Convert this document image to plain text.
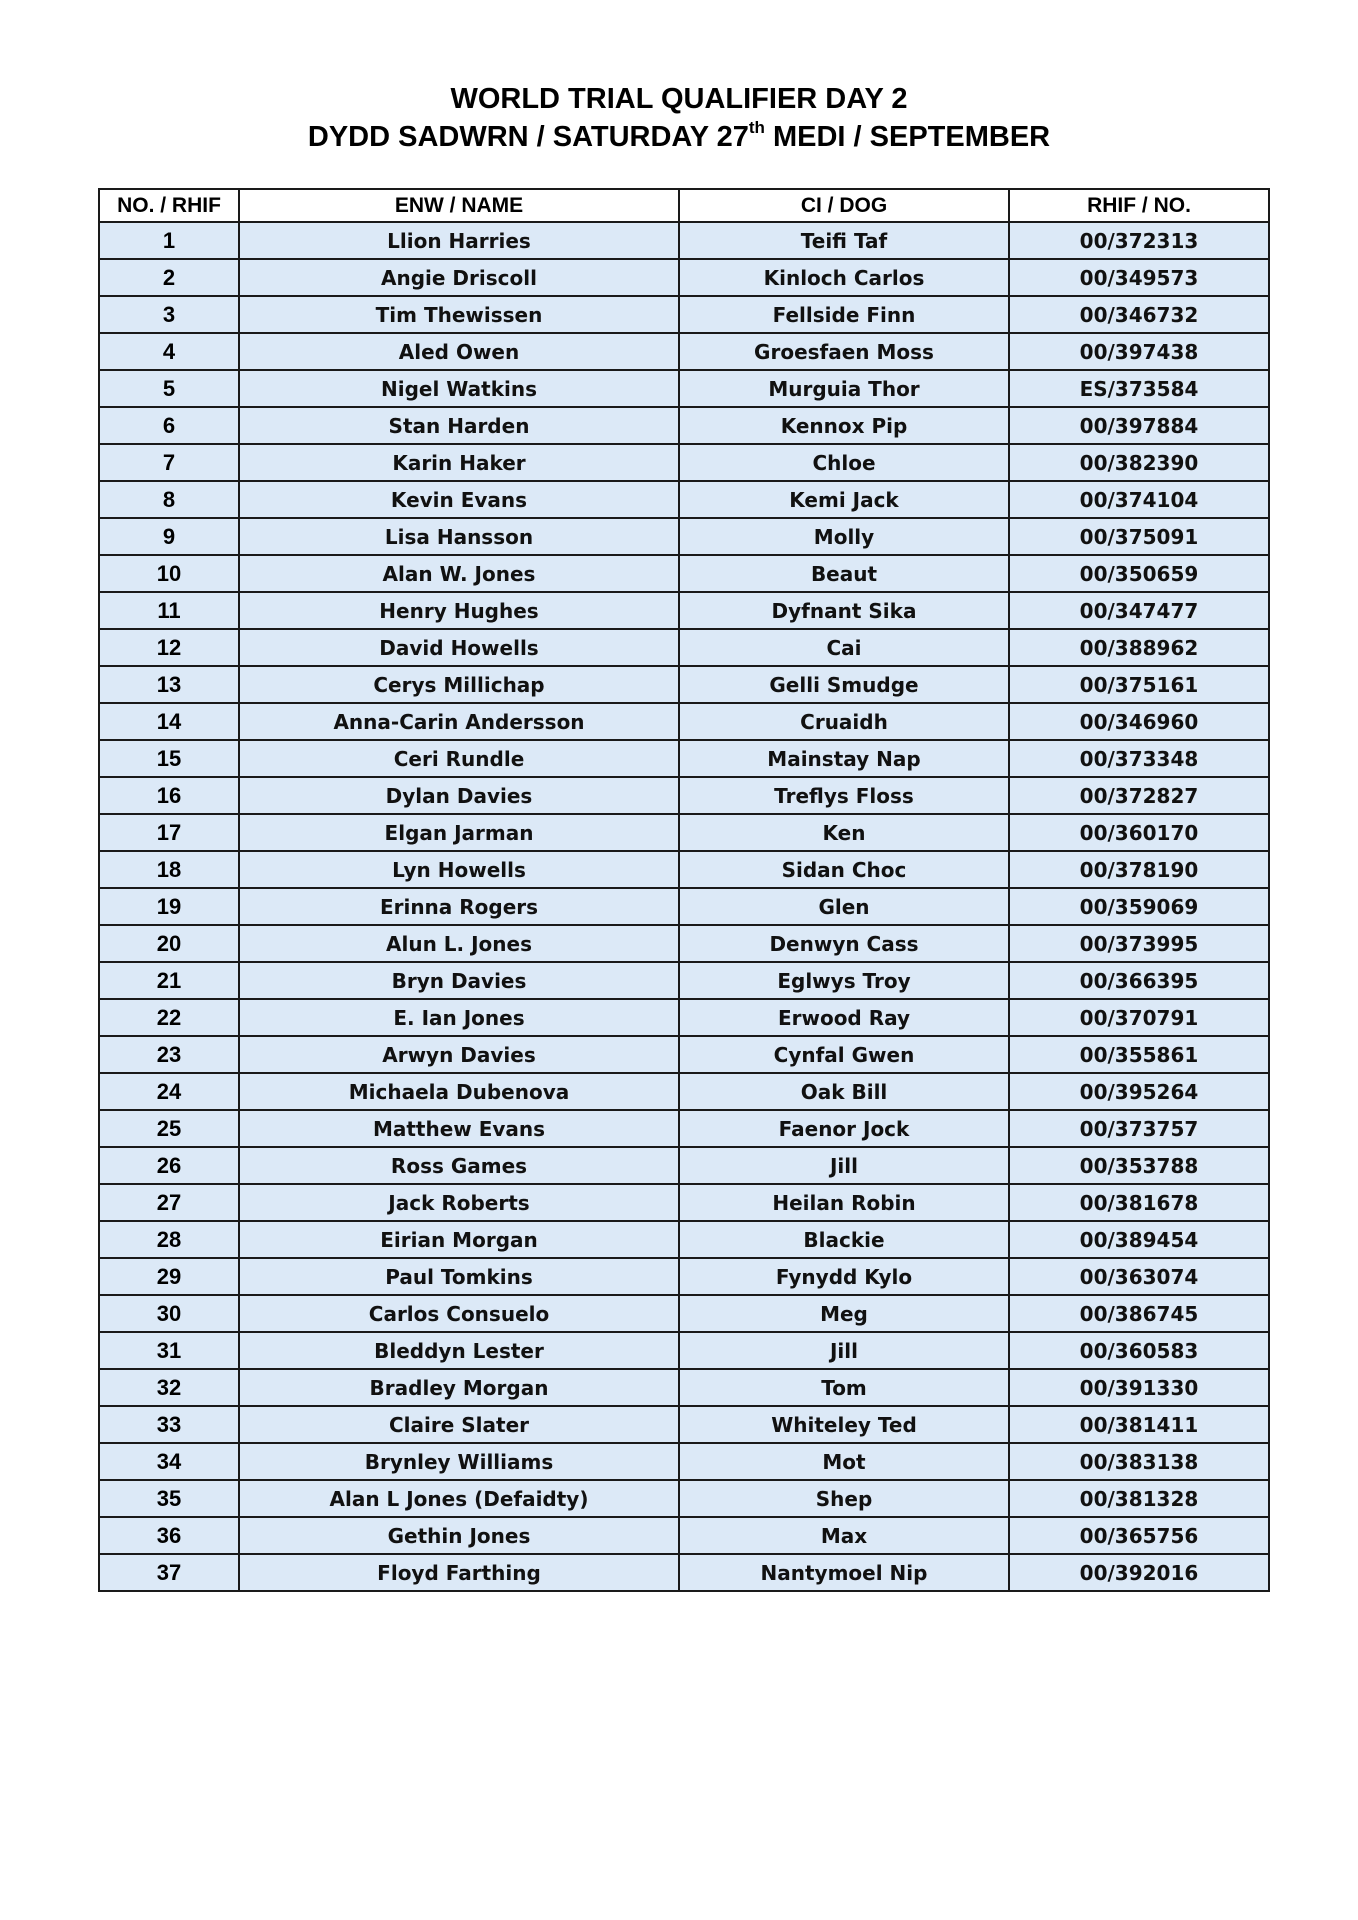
WORLD TRIAL QUALIFIER DAY 2

DYDD SADWRN / SATURDAY 27th MEDI / SEPTEMBER

NO. / RHIF	ENW / NAME	CI / DOG	RHIF / NO.
1	Llion Harries	Teifi Taf	00/372313
2	Angie Driscoll	Kinloch Carlos	00/349573
3	Tim Thewissen	Fellside Finn	00/346732
4	Aled Owen	Groesfaen Moss	00/397438
5	Nigel Watkins	Murguia Thor	ES/373584
6	Stan Harden	Kennox Pip	00/397884
7	Karin Haker	Chloe	00/382390
8	Kevin Evans	Kemi Jack	00/374104
9	Lisa Hansson	Molly	00/375091
10	Alan W. Jones	Beaut	00/350659
11	Henry Hughes	Dyfnant Sika	00/347477
12	David Howells	Cai	00/388962
13	Cerys Millichap	Gelli Smudge	00/375161
14	Anna-Carin Andersson	Cruaidh	00/346960
15	Ceri Rundle	Mainstay Nap	00/373348
16	Dylan Davies	Treflys Floss	00/372827
17	Elgan Jarman	Ken	00/360170
18	Lyn Howells	Sidan Choc	00/378190
19	Erinna Rogers	Glen	00/359069
20	Alun L. Jones	Denwyn Cass	00/373995
21	Bryn Davies	Eglwys Troy	00/366395
22	E. Ian Jones	Erwood Ray	00/370791
23	Arwyn Davies	Cynfal Gwen	00/355861
24	Michaela Dubenova	Oak Bill	00/395264
25	Matthew Evans	Faenor Jock	00/373757
26	Ross Games	Jill	00/353788
27	Jack Roberts	Heilan Robin	00/381678
28	Eirian Morgan	Blackie	00/389454
29	Paul Tomkins	Fynydd Kylo	00/363074
30	Carlos Consuelo	Meg	00/386745
31	Bleddyn Lester	Jill	00/360583
32	Bradley Morgan	Tom	00/391330
33	Claire Slater	Whiteley Ted	00/381411
34	Brynley Williams	Mot	00/383138
35	Alan L Jones (Defaidty)	Shep	00/381328
36	Gethin Jones	Max	00/365756
37	Floyd Farthing	Nantymoel Nip	00/392016
